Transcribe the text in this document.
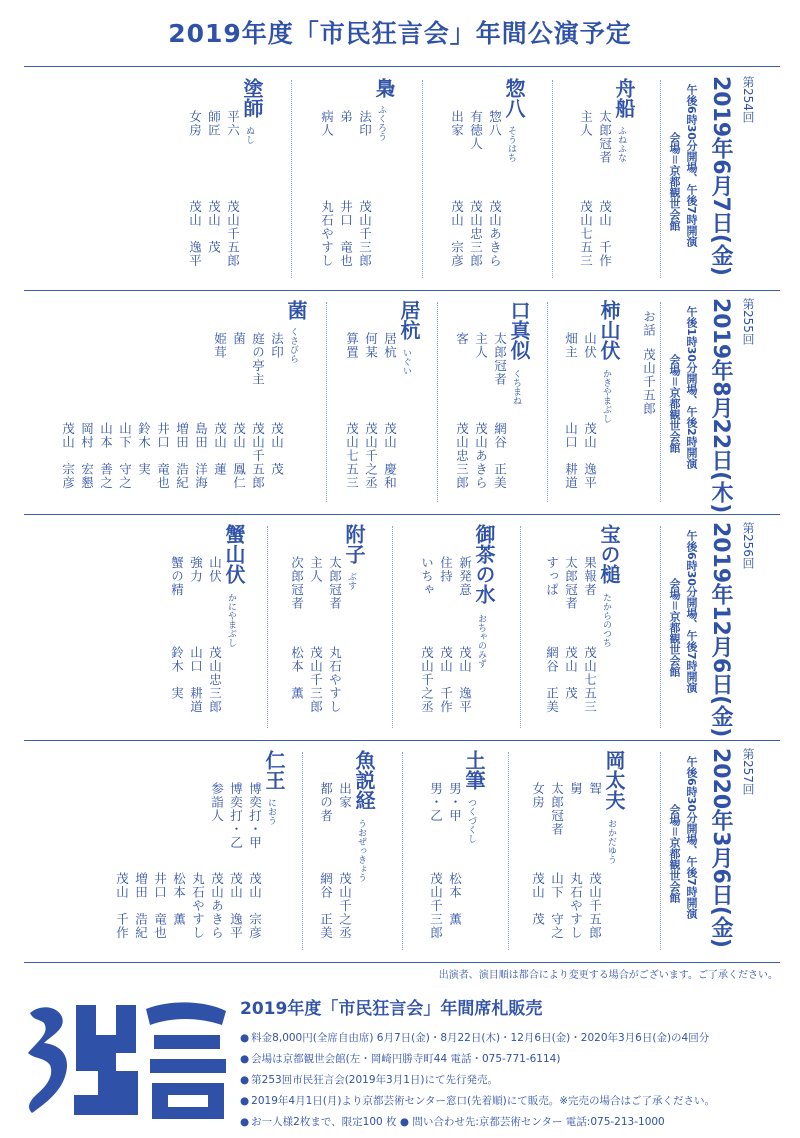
2019年度「市民狂言会」年間公演予定
第254回
2019年6月7日(金)
午後6時30分開場、午後7時開演
会場＝京都観世会館
舟船
ふねふな
太郎冠者
主人
茂山　千作
茂山七五三
惣八
そうはち
惣八
有徳人
出家
茂山あきら
茂山忠三郎
茂山　宗彦
梟
ふくろう
法印
弟
病人
茂山千三郎
井口　竜也
丸石やすし
塗師
ぬし
平六
師匠
女房
茂山千五郎
茂山　茂
茂山　逸平
第255回
2019年8月22日(木)
午後1時30分開場、午後2時開演
会場＝京都観世会館
お話
茂山千五郎
柿山伏
かきやまぶし
山伏
畑主
茂山　逸平
山口　耕道
口真似
くちまね
太郎冠者
主人
客
網谷　正美
茂山あきら
茂山忠三郎
居杭
いぐい
居杭
何某
算置
茂山　慶和
茂山千之丞
茂山七五三
菌
くさびら
法印
庭の亭主
菌
姫茸
茂山　茂
茂山千五郎
茂山　鳳仁
茂山　蓮
島田　洋海
増田　浩紀
井口　竜也
鈴木　実
山下　守之
山本　善之
岡村　宏懇
茂山　宗彦
第256回
2019年12月6日(金)
午後6時30分開場、午後7時開演
会場＝京都観世会館
宝の槌
たからのつち
果報者
太郎冠者
すっぱ
茂山七五三
茂山　茂
網谷　正美
御茶の水
おちゃのみず
新発意
住持
いちゃ
茂山　逸平
茂山　千作
茂山千之丞
附子
ぶす
太郎冠者
主人
次郎冠者
丸石やすし
茂山千三郎
松本　薫
蟹山伏
かにやまぶし
山伏
強力
蟹の精
茂山忠三郎
山口　耕道
鈴木　実
第257回
2020年3月6日(金)
午後6時30分開場、午後7時開演
会場＝京都観世会館
岡太夫
おかだゆう
聟
舅
太郎冠者
女房
茂山千五郎
丸石やすし
山下　守之
茂山　茂
土筆
つくづくし
男・甲
男・乙
松本　薫
茂山千三郎
魚説経
うおぜっきょう
出家
都の者
茂山千之丞
網谷　正美
仁王
におう
博奕打・甲
博奕打・乙
参詣人
茂山　宗彦
茂山　逸平
茂山あきら
丸石やすし
松本　薫
井口　竜也
増田　浩紀
茂山　千作
出演者、演目順は都合により変更する場合がございます。ご了承ください。
2019年度「市民狂言会」年間席札販売
● 料金8,000円(全席自由席) 6月7日(金)・8月22日(木)・12月6日(金)・2020年3月6日(金)の4回分
● 会場は京都観世会館(左・岡崎円勝寺町44 電話・075-771-6114)
● 第253回市民狂言会(2019年3月1日)にて先行発売。
● 2019年4月1日(月)より京都芸術センター窓口(先着順)にて販売。※完売の場合はご了承ください。
● お一人様2枚まで、限定100 枚 ● 問い合わせ先:京都芸術センター 電話:075-213-1000
